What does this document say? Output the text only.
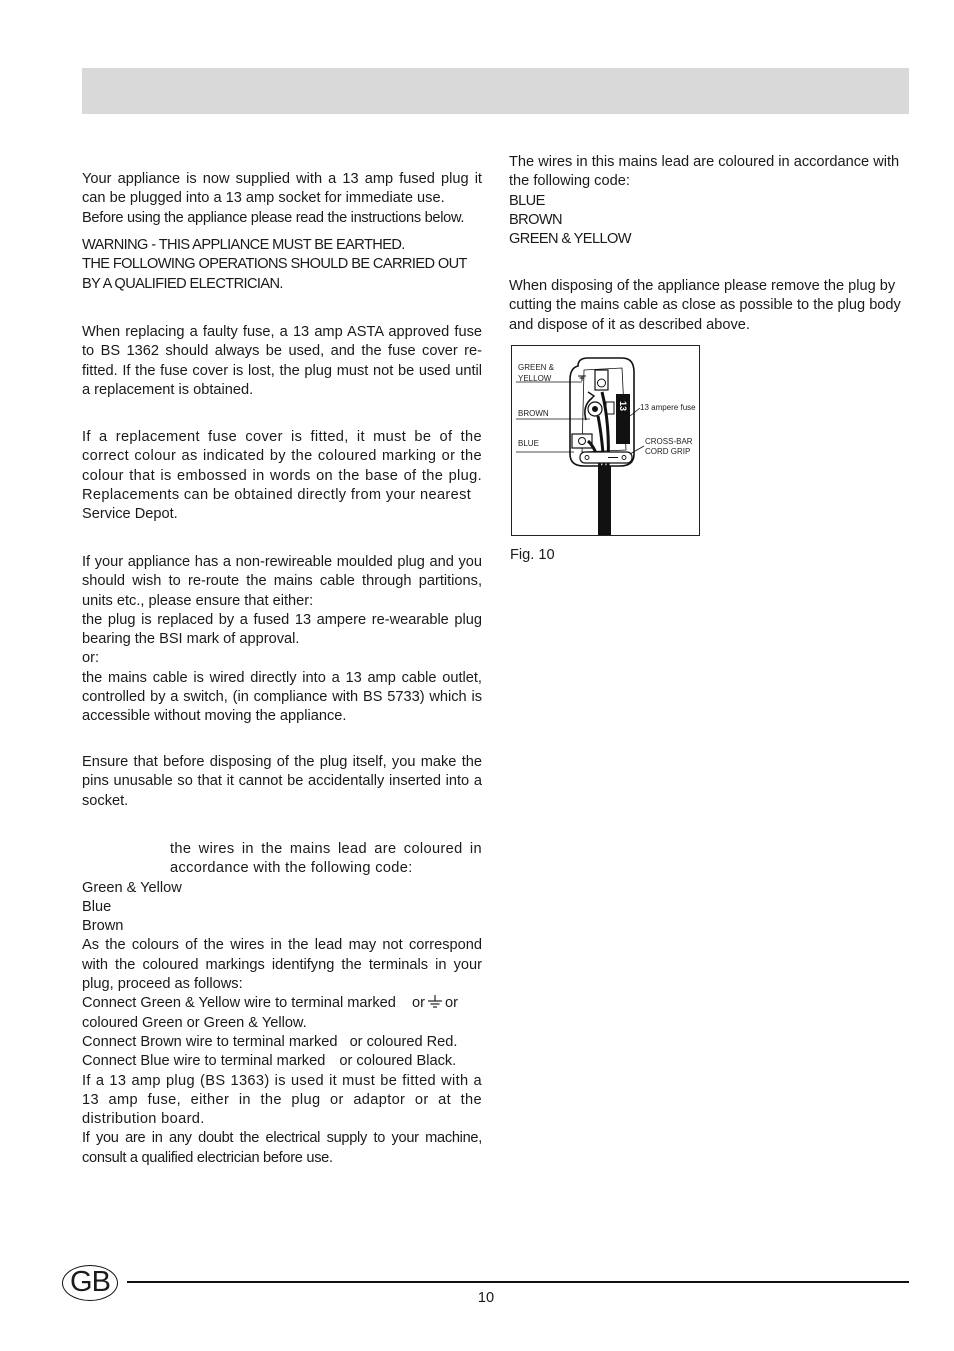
Your appliance is now supplied with a 13 amp fused plug it can be plugged into a 13 amp socket for immediate use.

Before using the appliance please read the instructions below.

WARNING - THIS APPLIANCE MUST BE EARTHED.

THE FOLLOWING OPERATIONS SHOULD BE CARRIED OUT BY A QUALIFIED ELECTRICIAN.

When replacing a faulty fuse, a 13 amp ASTA approved fuse to BS 1362 should always be used, and the fuse cover re-fitted. If the fuse cover is lost, the plug must not be used until a replacement is obtained.

If a replacement fuse cover is fitted, it must be of the correct colour as indicated by the coloured marking or the colour that is embossed in words on the base of the plug. Replacements can be obtained directly from your nearest

Service Depot.

If your appliance has a non-rewireable moulded plug and you should wish to re-route the mains cable through partitions, units etc., please ensure that either:

the plug is replaced by a fused 13 ampere re-wearable plug bearing the BSI mark of approval.

or:

the mains cable is wired directly into a 13 amp cable outlet, controlled by a switch, (in compliance with BS 5733) which is accessible without moving the appliance.

Ensure that before disposing of the plug itself, you make the pins unusable so that it cannot be accidentally inserted into a socket.

the wires in the mains lead are coloured in accordance with the following code:

Green & Yellow

Blue

Brown

As the colours of the wires in the lead may not correspond with the coloured markings identifyng the terminals in your plug, proceed as follows:

Connect Green & Yellow wire to terminal marked or or

coloured Green or Green & Yellow.

Connect Brown wire to terminal marked or coloured Red.

Connect Blue wire to terminal marked or coloured Black.

If a 13 amp plug (BS 1363) is used it must be fitted with a 13 amp fuse, either in the plug or adaptor or at the distribution board.

If you are in any doubt the electrical supply to your machine, consult a qualified electrician before use.

The wires in this mains lead are coloured in accordance with the following code:

BLUE

BROWN

GREEN & YELLOW

When disposing of the appliance please remove the plug by cutting the mains cable as close as possible to the plug body and dispose of it as described above.

GREEN &
YELLOW
BROWN
BLUE
13 ampere fuse
CROSS-BAR
CORD GRIP
13
Fig. 10
GB	10
